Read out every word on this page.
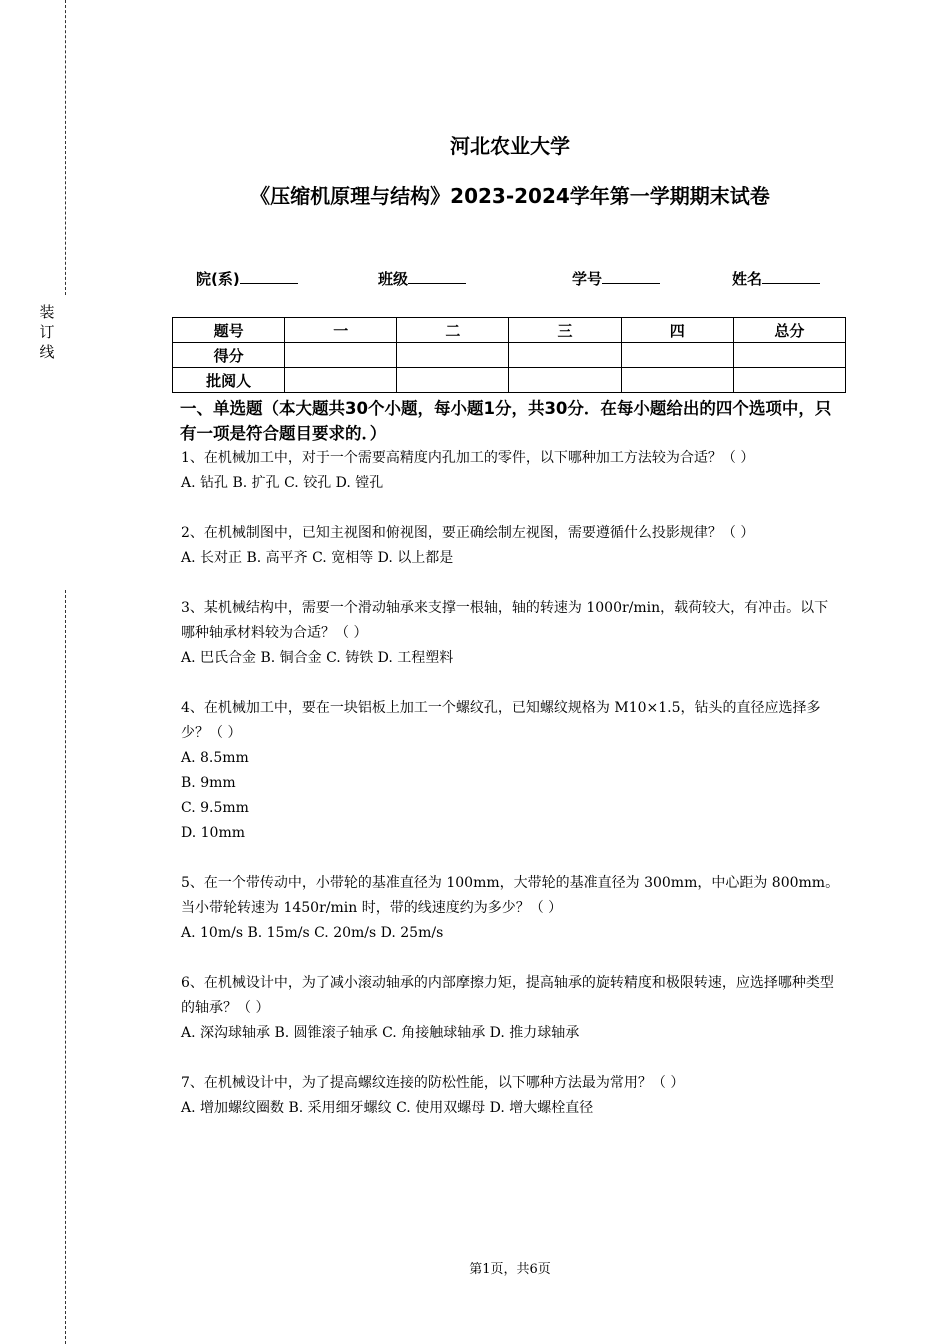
装
订
线
河北农业大学
《压缩机原理与结构》2023-2024学年第一学期期末试卷
院(系)	班级	学号	姓名
题号	一	二	三	四	总分
得分					
批阅人					
一、单选题（本大题共30个小题，每小题1分，共30分．在每小题给出的四个选项中，只有一项是符合题目要求的．）
1、在机械加工中，对于一个需要高精度内孔加工的零件，以下哪种加工方法较为合适？（ ）
A. 钻孔 B. 扩孔 C. 铰孔 D. 镗孔
2、在机械制图中，已知主视图和俯视图，要正确绘制左视图，需要遵循什么投影规律？（ ）
A. 长对正 B. 高平齐 C. 宽相等 D. 以上都是
3、某机械结构中，需要一个滑动轴承来支撑一根轴，轴的转速为 1000r/min，载荷较大，有冲击。以下哪种轴承材料较为合适？（ ）
A. 巴氏合金 B. 铜合金 C. 铸铁 D. 工程塑料
4、在机械加工中，要在一块铝板上加工一个螺纹孔，已知螺纹规格为 M10×1.5，钻头的直径应选择多少？（ ）
A. 8.5mm
B. 9mm
C. 9.5mm
D. 10mm
5、在一个带传动中，小带轮的基准直径为 100mm，大带轮的基准直径为 300mm，中心距为 800mm。当小带轮转速为 1450r/min 时，带的线速度约为多少？（ ）
A. 10m/s B. 15m/s C. 20m/s D. 25m/s
6、在机械设计中，为了减小滚动轴承的内部摩擦力矩，提高轴承的旋转精度和极限转速，应选择哪种类型的轴承？（ ）
A. 深沟球轴承 B. 圆锥滚子轴承 C. 角接触球轴承 D. 推力球轴承
7、在机械设计中，为了提高螺纹连接的防松性能，以下哪种方法最为常用？（ ）
A. 增加螺纹圈数 B. 采用细牙螺纹 C. 使用双螺母 D. 增大螺栓直径
第1页，共6页
